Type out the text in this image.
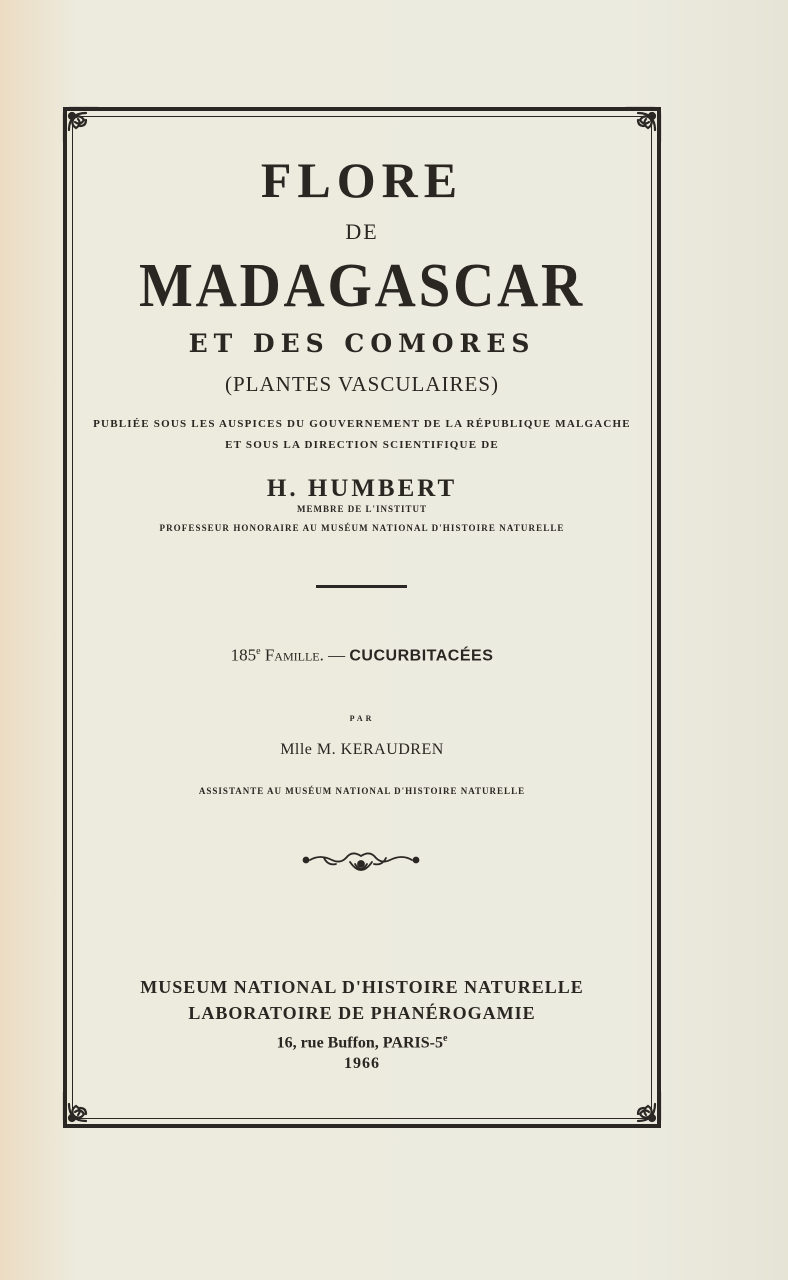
FLORE
DE
MADAGASCAR
ET DES COMORES
(PLANTES VASCULAIRES)
PUBLIÉE SOUS LES AUSPICES DU GOUVERNEMENT DE LA RÉPUBLIQUE MALGACHE
ET SOUS LA DIRECTION SCIENTIFIQUE DE
H. HUMBERT
MEMBRE DE L'INSTITUT
PROFESSEUR HONORAIRE AU MUSÉUM NATIONAL D'HISTOIRE NATURELLE
185e Famille. — CUCURBITACÉES
PAR
Mlle M. KERAUDREN
ASSISTANTE AU MUSÉUM NATIONAL D'HISTOIRE NATURELLE
MUSEUM NATIONAL D'HISTOIRE NATURELLE
LABORATOIRE DE PHANÉROGAMIE
16, rue Buffon, PARIS-5e
1966
